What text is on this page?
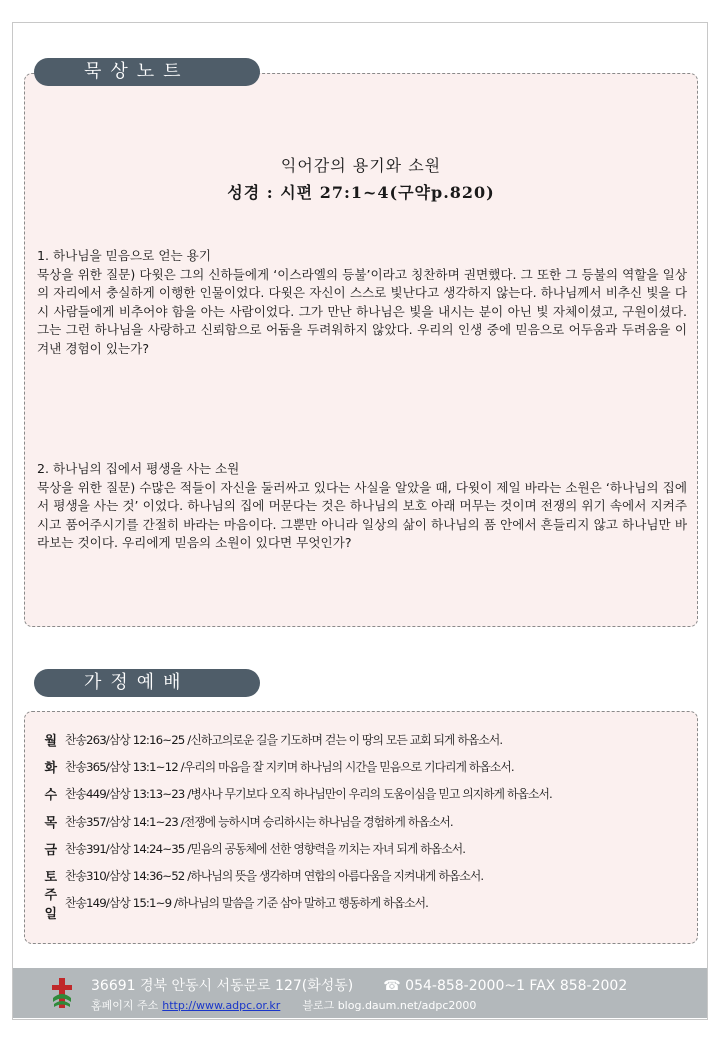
익어감의 용기와 소원
성경 : 시편 27:1~4(구약p.820)
1. 하나님을 믿음으로 얻는 용기
묵상을 위한 질문) 다윗은 그의 신하들에게 ‘이스라엘의 등불’이라고 칭찬하며 권면했다. 그 또한 그 등불의 역할을 일상의 자리에서 충실하게 이행한 인물이었다. 다윗은 자신이 스스로 빛난다고 생각하지 않는다. 하나님께서 비추신 빛을 다시 사람들에게 비추어야 함을 아는 사람이었다. 그가 만난 하나님은 빛을 내시는 분이 아닌 빛 자체이셨고, 구원이셨다. 그는 그런 하나님을 사랑하고 신뢰함으로 어둠을 두려워하지 않았다. 우리의 인생 중에 믿음으로 어두움과 두려움을 이겨낸 경험이 있는가?
2. 하나님의 집에서 평생을 사는 소원
묵상을 위한 질문) 수많은 적들이 자신을 둘러싸고 있다는 사실을 알았을 때, 다윗이 제일 바라는 소원은 ‘하나님의 집에서 평생을 사는 것’ 이었다. 하나님의 집에 머문다는 것은 하나님의 보호 아래 머무는 것이며 전쟁의 위기 속에서 지켜주시고 품어주시기를 간절히 바라는 마음이다. 그뿐만 아니라 일상의 삶이 하나님의 품 안에서 흔들리지 않고 하나님만 바라보는 것이다. 우리에게 믿음의 소원이 있다면 무엇인가?
묵상노트
월 찬송263/삼상 12:16~25 /신하고의로운 길을 기도하며 걷는 이 땅의 모든 교회 되게 하옵소서.
화 찬송365/삼상 13:1~12 /우리의 마음을 잘 지키며 하나님의 시간을 믿음으로 기다리게 하옵소서.
수 찬송449/삼상 13:13~23 /병사나 무기보다 오직 하나님만이 우리의 도움이심을 믿고 의지하게 하옵소서.
목 찬송357/삼상 14:1~23 /전쟁에 능하시며 승리하시는 하나님을 경험하게 하옵소서.
금 찬송391/삼상 14:24~35 /믿음의 공동체에 선한 영향력을 끼치는 자녀 되게 하옵소서.
토 찬송310/삼상 14:36~52 /하나님의 뜻을 생각하며 연합의 아름다움을 지켜내게 하옵소서.
주일
찬송149/삼상 15:1~9 /하나님의 말씀을 기준 삼아 말하고 행동하게 하옵소서.
가정예배
36691 경북 안동시 서동문로 127(화성동) ☎ 054-858-2000~1 FAX 858-2002
홈페이지 주소 http://www.adpc.or.kr 블로그 blog.daum.net/adpc2000
